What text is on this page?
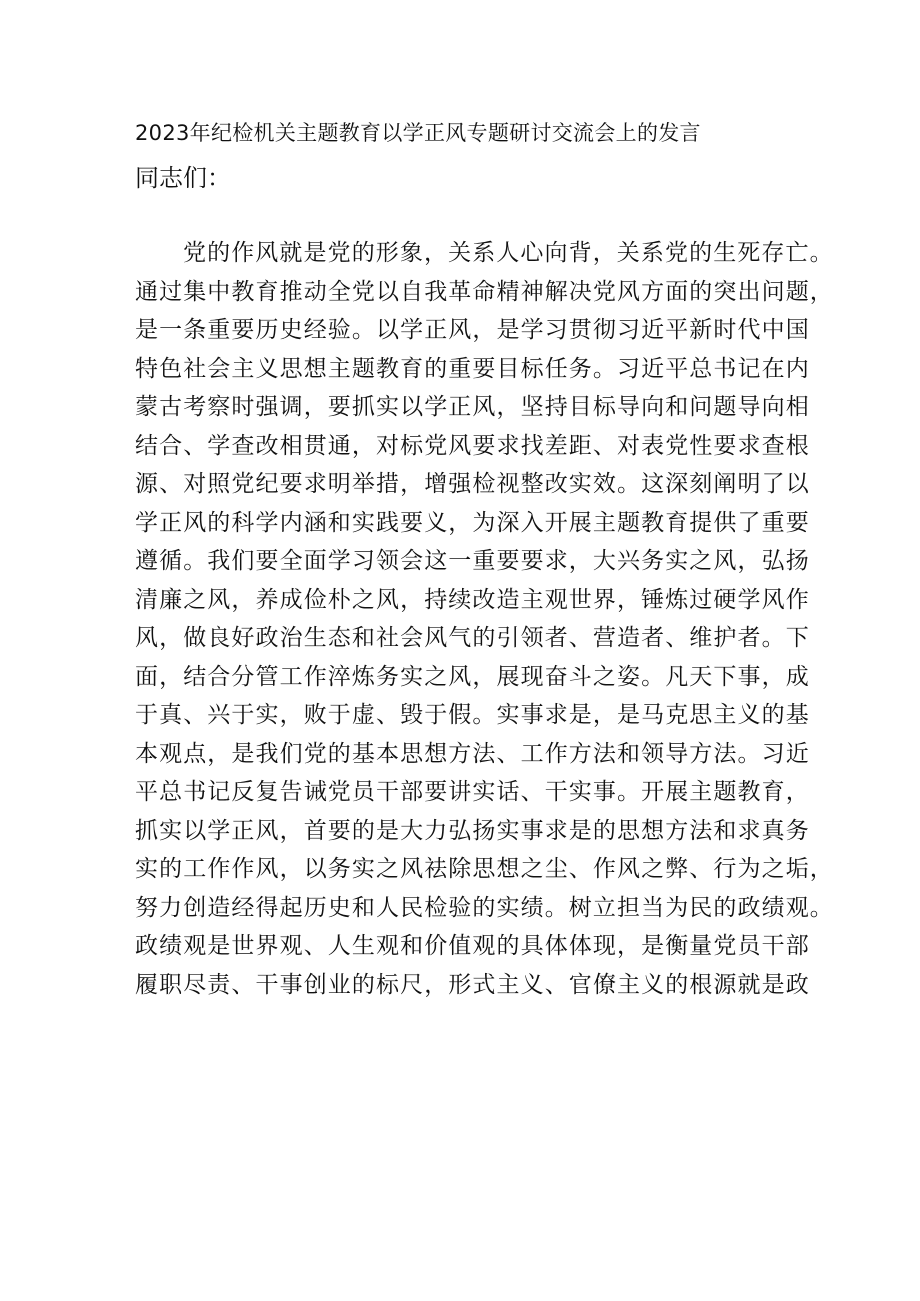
2023年纪检机关主题教育以学正风专题研讨交流会上的发言
同志们：
党的作风就是党的形象，关系人心向背，关系党的生死存亡。
通过集中教育推动全党以自我革命精神解决党风方面的突出问题，
是一条重要历史经验。以学正风，是学习贯彻习近平新时代中国
特色社会主义思想主题教育的重要目标任务。习近平总书记在内
蒙古考察时强调，要抓实以学正风，坚持目标导向和问题导向相
结合、学查改相贯通，对标党风要求找差距、对表党性要求查根
源、对照党纪要求明举措，增强检视整改实效。这深刻阐明了以
学正风的科学内涵和实践要义，为深入开展主题教育提供了重要
遵循。我们要全面学习领会这一重要要求，大兴务实之风，弘扬
清廉之风，养成俭朴之风，持续改造主观世界，锤炼过硬学风作
风，做良好政治生态和社会风气的引领者、营造者、维护者。下
面，结合分管工作淬炼务实之风，展现奋斗之姿。凡天下事，成
于真、兴于实，败于虚、毁于假。实事求是，是马克思主义的基
本观点，是我们党的基本思想方法、工作方法和领导方法。习近
平总书记反复告诫党员干部要讲实话、干实事。开展主题教育，
抓实以学正风，首要的是大力弘扬实事求是的思想方法和求真务
实的工作作风，以务实之风祛除思想之尘、作风之弊、行为之垢，
努力创造经得起历史和人民检验的实绩。树立担当为民的政绩观。
政绩观是世界观、人生观和价值观的具体体现，是衡量党员干部
履职尽责、干事创业的标尺，形式主义、官僚主义的根源就是政
